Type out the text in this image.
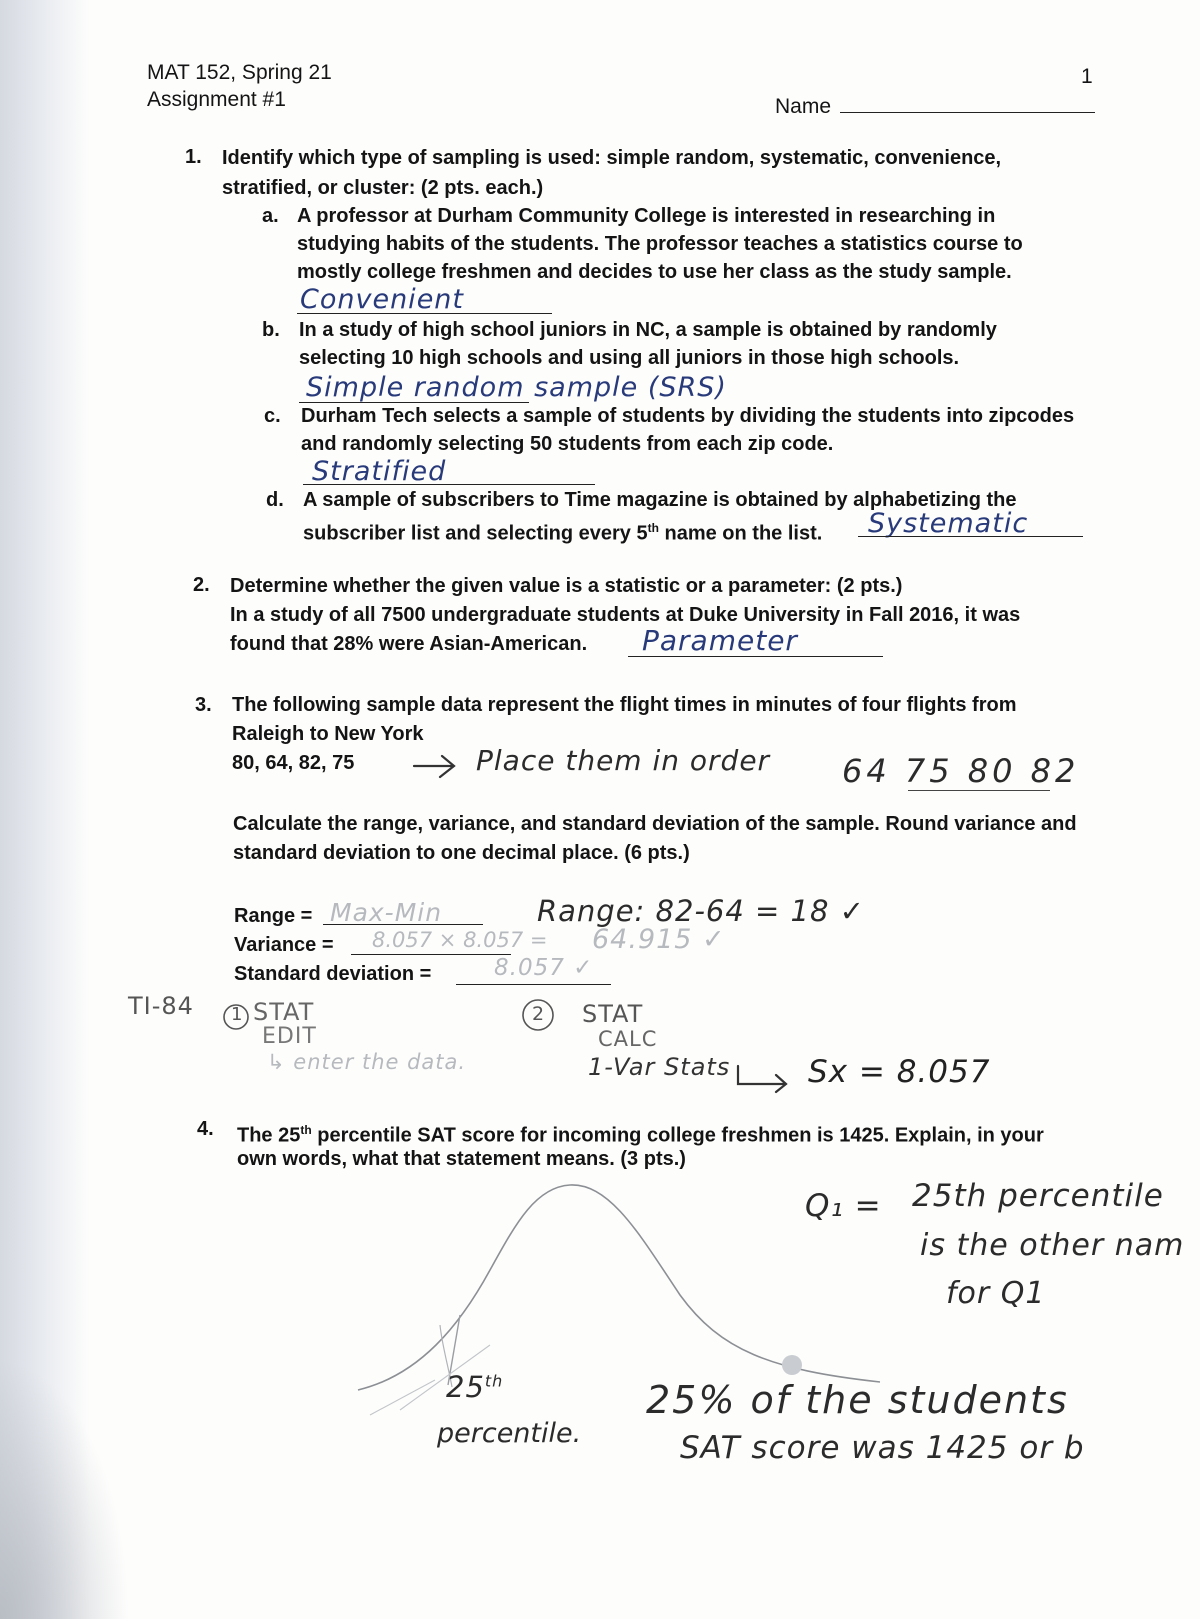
MAT 152, Spring 21
Assignment #1
1
Name
1. Identify which type of sampling is used: simple random, systematic, convenience,
stratified, or cluster: (2 pts. each.)
a. A professor at Durham Community College is interested in researching in
studying habits of the students. The professor teaches a statistics course to
mostly college freshmen and decides to use her class as the study sample.
Convenient
b. In a study of high school juniors in NC, a sample is obtained by randomly
selecting 10 high schools and using all juniors in those high schools.
Simple random sample (SRS)
c. Durham Tech selects a sample of students by dividing the students into zipcodes
and randomly selecting 50 students from each zip code.
Stratified
d. A sample of subscribers to Time magazine is obtained by alphabetizing the
subscriber list and selecting every 5th name on the list. Systematic
2. Determine whether the given value is a statistic or a parameter: (2 pts.)
In a study of all 7500 undergraduate students at Duke University in Fall 2016, it was
found that 28% were Asian-American. Parameter
3. The following sample data represent the flight times in minutes of four flights from
Raleigh to New York
80, 64, 82, 75	Place them in order 64 75 80 82
Calculate the range, variance, and standard deviation of the sample. Round variance and
standard deviation to one decimal place. (6 pts.)
Range = Max-Min	Range: 82-64 = 18 ✓
Variance = 8.057 × 8.057 = 64.915 ✓
Standard deviation =	8.057 ✓
TI-84 1 STAT
EDIT
↳ enter the data.
2 STAT
CALC
1-Var Stats	Sx = 8.057
4. The 25th percentile SAT score for incoming college freshmen is 1425. Explain, in your
own words, what that statement means. (3 pts.)
Q₁ = 25th percentile
is the other nam
for Q1
25th
percentile.
25% of the students
SAT score was 1425 or b
